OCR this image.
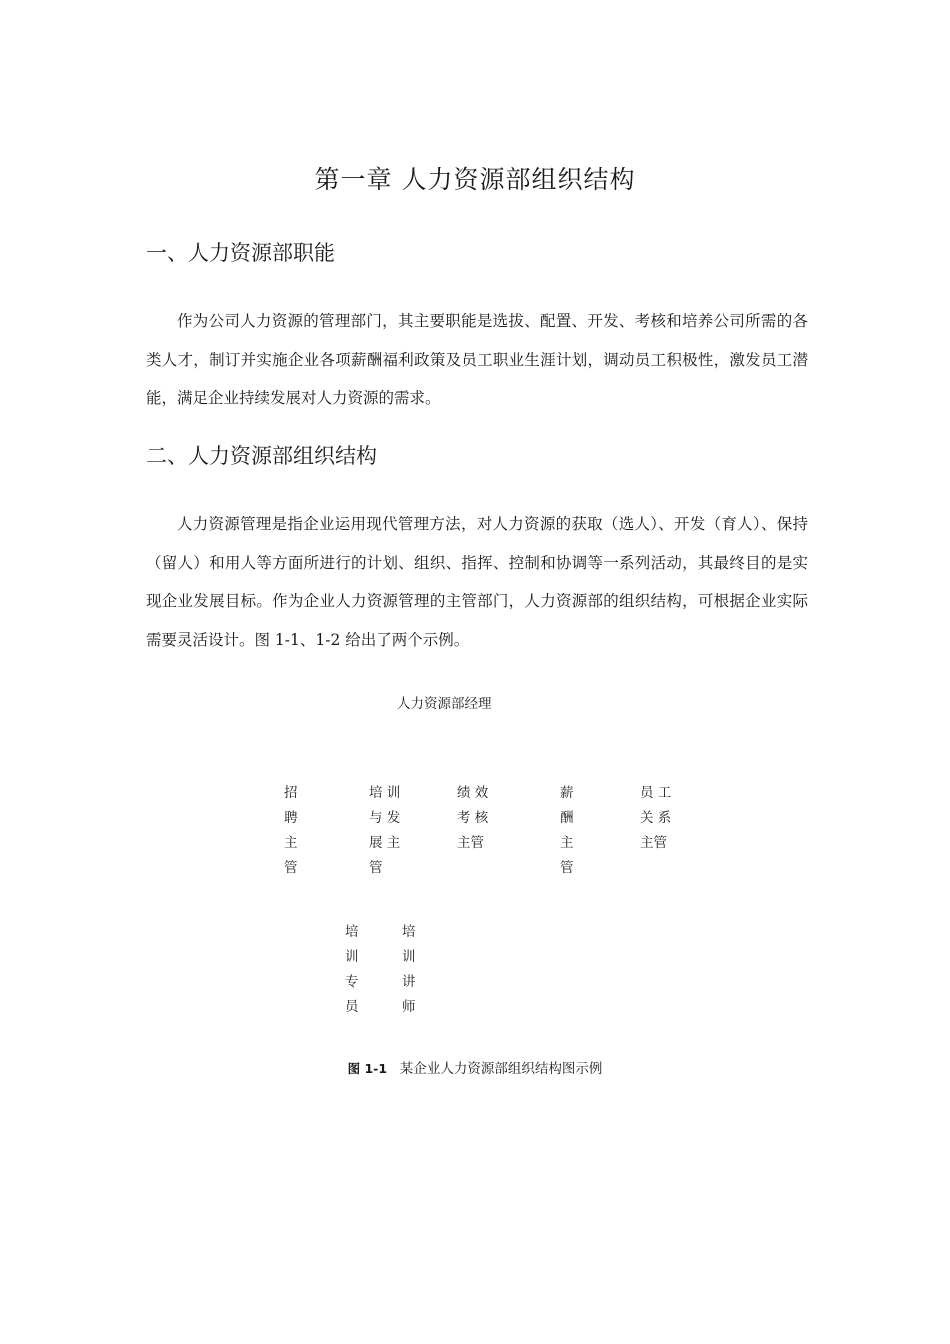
第一章 人力资源部组织结构
一、人力资源部职能
作为公司人力资源的管理部门，其主要职能是选拔、配置、开发、考核和培养公司所需的各类人才，制订并实施企业各项薪酬福利政策及员工职业生涯计划，调动员工积极性，激发员工潜能，满足企业持续发展对人力资源的需求。
二、人力资源部组织结构
人力资源管理是指企业运用现代管理方法，对人力资源的获取（选人）、开发（育人）、保持（留人）和用人等方面所进行的计划、组织、指挥、控制和协调等一系列活动，其最终目的是实现企业发展目标。作为企业人力资源管理的主管部门，人力资源部的组织结构，可根据企业实际需要灵活设计。图 1-1、1-2 给出了两个示例。
人力资源部经理
招
聘
主
管
培 训
与 发
展 主
管
绩 效
考 核
主管
薪
酬
主
管
员 工
关 系
主管
培
训
专
员
培
训
讲
师
图 1-1 某企业人力资源部组织结构图示例
